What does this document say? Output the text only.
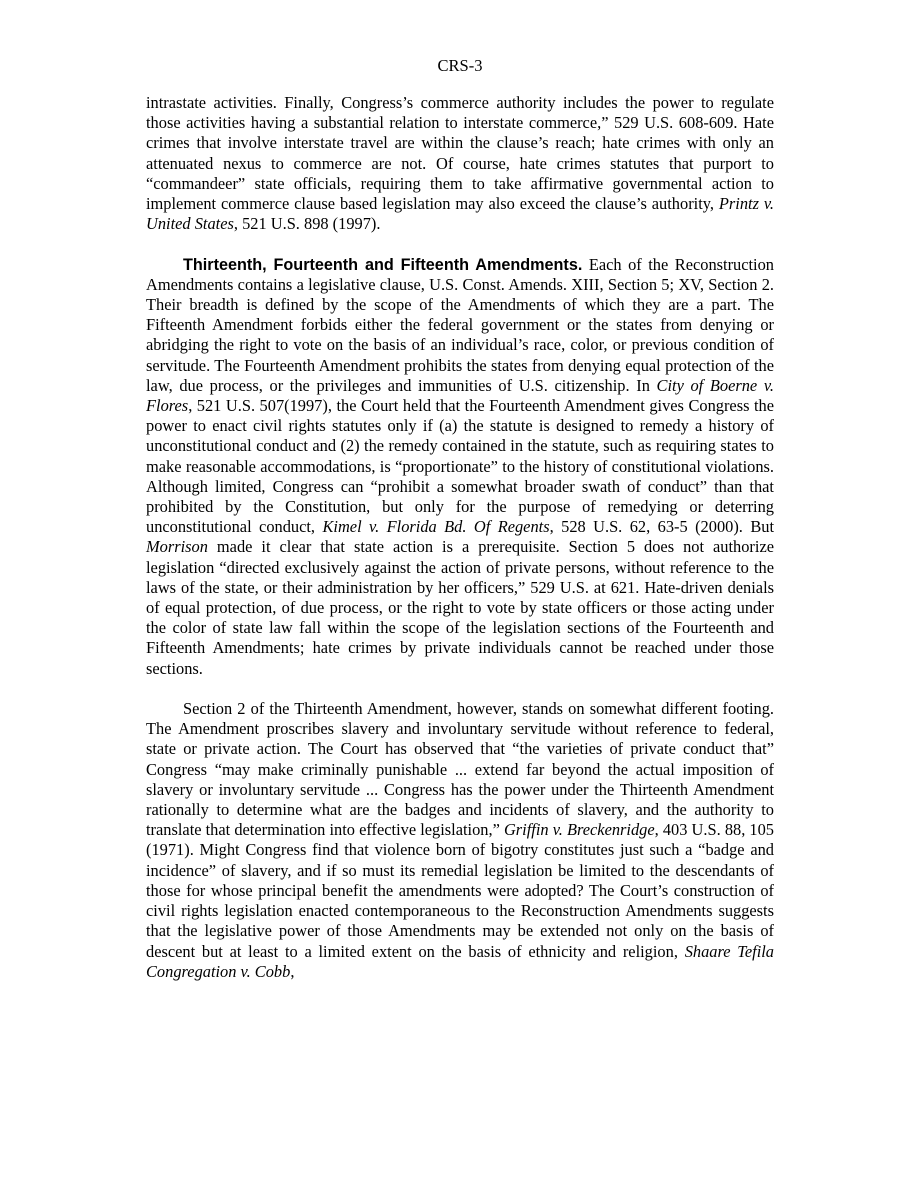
CRS-3

intrastate activities. Finally, Congress’s commerce authority includes the power to regulate those activities having a substantial relation to interstate commerce,” 529 U.S. 608-609. Hate crimes that involve interstate travel are within the clause’s reach; hate crimes with only an attenuated nexus to commerce are not. Of course, hate crimes statutes that purport to “commandeer” state officials, requiring them to take affirmative governmental action to implement commerce clause based legislation may also exceed the clause’s authority, Printz v. United States, 521 U.S. 898 (1997).

Thirteenth, Fourteenth and Fifteenth Amendments. Each of the Reconstruction Amendments contains a legislative clause, U.S. Const. Amends. XIII, Section 5; XV, Section 2. Their breadth is defined by the scope of the Amendments of which they are a part. The Fifteenth Amendment forbids either the federal government or the states from denying or abridging the right to vote on the basis of an individual’s race, color, or previous condition of servitude. The Fourteenth Amendment prohibits the states from denying equal protection of the law, due process, or the privileges and immunities of U.S. citizenship. In City of Boerne v. Flores, 521 U.S. 507(1997), the Court held that the Fourteenth Amendment gives Congress the power to enact civil rights statutes only if (a) the statute is designed to remedy a history of unconstitutional conduct and (2) the remedy contained in the statute, such as requiring states to make reasonable accommodations, is “proportionate” to the history of constitutional violations. Although limited, Congress can “prohibit a somewhat broader swath of conduct” than that prohibited by the Constitution, but only for the purpose of remedying or deterring unconstitutional conduct, Kimel v. Florida Bd. Of Regents, 528 U.S. 62, 63-5 (2000). But Morrison made it clear that state action is a prerequisite. Section 5 does not authorize legislation “directed exclusively against the action of private persons, without reference to the laws of the state, or their administration by her officers,” 529 U.S. at 621. Hate-driven denials of equal protection, of due process, or the right to vote by state officers or those acting under the color of state law fall within the scope of the legislation sections of the Fourteenth and Fifteenth Amendments; hate crimes by private individuals cannot be reached under those sections.

Section 2 of the Thirteenth Amendment, however, stands on somewhat different footing. The Amendment proscribes slavery and involuntary servitude without reference to federal, state or private action. The Court has observed that “the varieties of private conduct that” Congress “may make criminally punishable ... extend far beyond the actual imposition of slavery or involuntary servitude ... Congress has the power under the Thirteenth Amendment rationally to determine what are the badges and incidents of slavery, and the authority to translate that determination into effective legislation,” Griffin v. Breckenridge, 403 U.S. 88, 105 (1971). Might Congress find that violence born of bigotry constitutes just such a “badge and incidence” of slavery, and if so must its remedial legislation be limited to the descendants of those for whose principal benefit the amendments were adopted? The Court’s construction of civil rights legislation enacted contemporaneous to the Reconstruction Amendments suggests that the legislative power of those Amendments may be extended not only on the basis of descent but at least to a limited extent on the basis of ethnicity and religion, Shaare Tefila Congregation v. Cobb,
